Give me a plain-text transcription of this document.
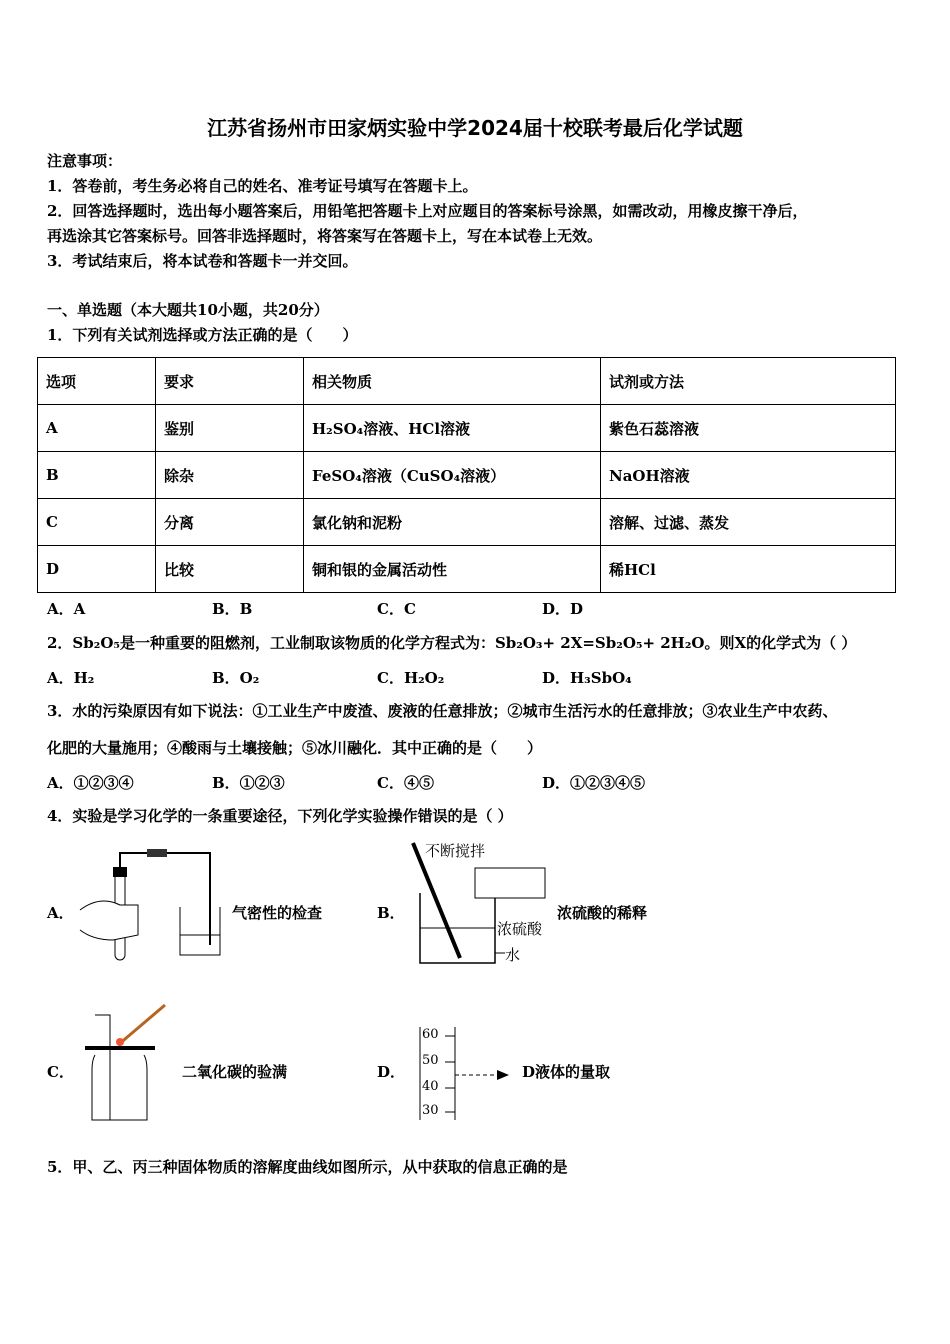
江苏省扬州市田家炳实验中学2024届十校联考最后化学试题
注意事项：
1．答卷前，考生务必将自己的姓名、准考证号填写在答题卡上。
2．回答选择题时，选出每小题答案后，用铅笔把答题卡上对应题目的答案标号涂黑，如需改动，用橡皮擦干净后，
再选涂其它答案标号。回答非选择题时，将答案写在答题卡上，写在本试卷上无效。
3．考试结束后，将本试卷和答题卡一并交回。
一、单选题（本大题共10小题，共20分）
1．下列有关试剂选择或方法正确的是（　　）
选项	要求	相关物质	试剂或方法
A	鉴别	H₂SO₄溶液、HCl溶液	紫色石蕊溶液
B	除杂	FeSO₄溶液（CuSO₄溶液）	NaOH溶液
C	分离	氯化钠和泥粉	溶解、过滤、蒸发
D	比较	铜和银的金属活动性	稀HCl
A．A	B．B	C．C	D．D
2．Sb₂O₅是一种重要的阻燃剂，工业制取该物质的化学方程式为：Sb₂O₃+ 2X=Sb₂O₅+ 2H₂O。则X的化学式为（ ）
A．H₂	B．O₂	C．H₂O₂	D．H₃SbO₄
3．水的污染原因有如下说法：①工业生产中废渣、废液的任意排放；②城市生活污水的任意排放；③农业生产中农药、
化肥的大量施用；④酸雨与土壤接触；⑤冰川融化．其中正确的是（　　）
A．①②③④	B．①②③	C．④⑤	D．①②③④⑤
4．实验是学习化学的一条重要途径，下列化学实验操作错误的是（ ）
A．	气密性的检查	B．
不断搅拌
浓硫酸
水
浓硫酸的稀释
C．	二氧化碳的验满	D．
60
50
40
30
D液体的量取
5．甲、乙、丙三种固体物质的溶解度曲线如图所示，从中获取的信息正确的是
